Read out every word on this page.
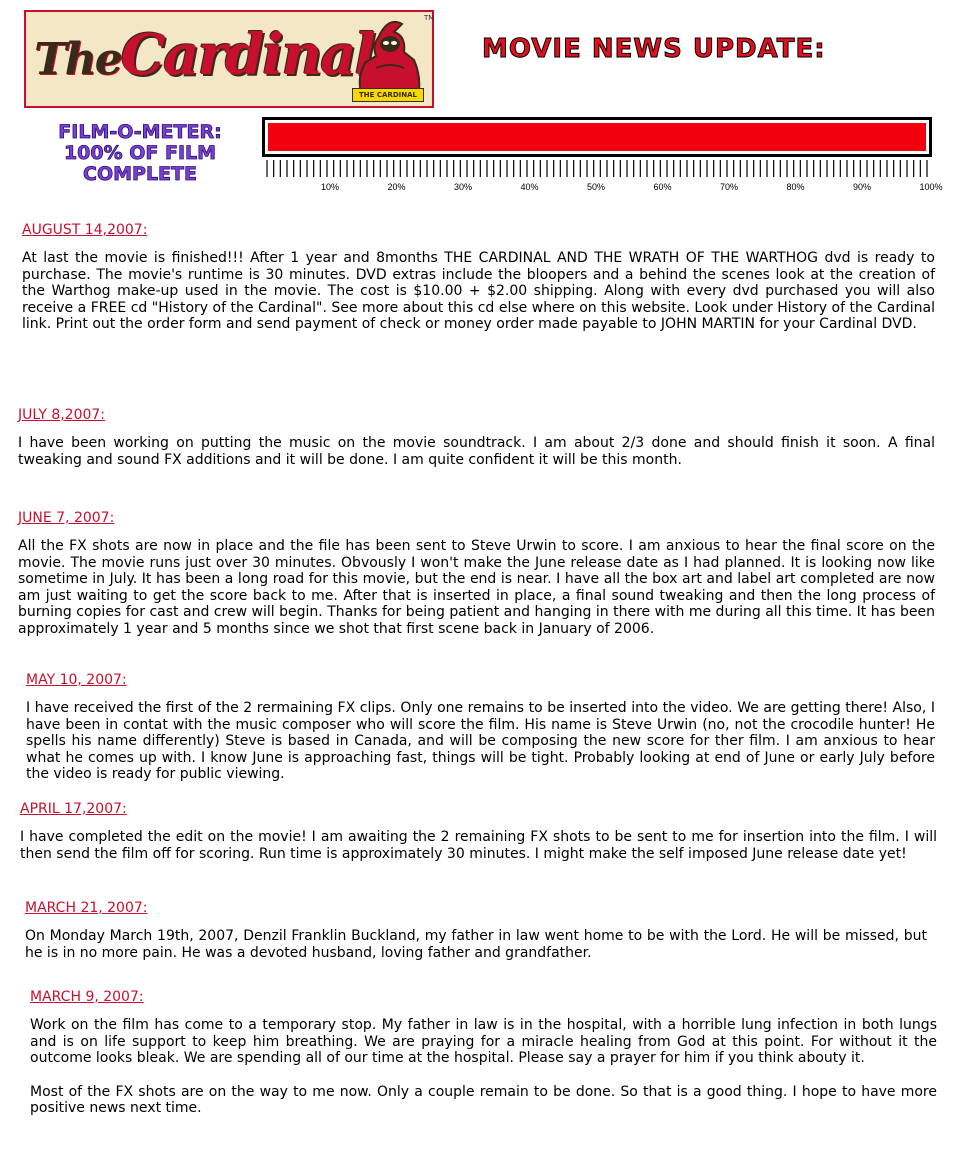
TheCardinal
THE CARDINAL
TM
MOVIE NEWS UPDATE:
FILM-O-METER:
100% OF FILM
COMPLETE
10%	20%	30%	40%	50%	60%	70%	80%	90%	100%
AUGUST 14,2007:
At last the movie is finished!!! After 1 year and 8months THE CARDINAL AND THE WRATH OF THE WARTHOG dvd is ready to purchase. The movie's runtime is 30 minutes. DVD extras include the bloopers and a behind the scenes look at the creation of the Warthog make-up used in the movie. The cost is $10.00 + $2.00 shipping. Along with every dvd purchased you will also receive a FREE cd "History of the Cardinal". See more about this cd else where on this website. Look under History of the Cardinal link. Print out the order form and send payment of check or money order made payable to JOHN MARTIN for your Cardinal DVD.
JULY 8,2007:
I have been working on putting the music on the movie soundtrack. I am about 2/3 done and should finish it soon. A final tweaking and sound FX additions and it will be done. I am quite confident it will be this month.
JUNE 7, 2007:
All the FX shots are now in place and the file has been sent to Steve Urwin to score. I am anxious to hear the final score on the movie. The movie runs just over 30 minutes. Obvously I won't make the June release date as I had planned. It is looking now like sometime in July. It has been a long road for this movie, but the end is near. I have all the box art and label art completed are now am just waiting to get the score back to me. After that is inserted in place, a final sound tweaking and then the long process of burning copies for cast and crew will begin. Thanks for being patient and hanging in there with me during all this time. It has been approximately 1 year and 5 months since we shot that first scene back in January of 2006.
MAY 10, 2007:
I have received the first of the 2 rermaining FX clips. Only one remains to be inserted into the video. We are getting there! Also, I have been in contat with the music composer who will score the film. His name is Steve Urwin (no, not the crocodile hunter! He spells his name differently) Steve is based in Canada, and will be composing the new score for ther film. I am anxious to hear what he comes up with. I know June is approaching fast, things will be tight. Probably looking at end of June or early July before the video is ready for public viewing.
APRIL 17,2007:
I have completed the edit on the movie! I am awaiting the 2 remaining FX shots to be sent to me for insertion into the film. I will then send the film off for scoring. Run time is approximately 30 minutes. I might make the self imposed June release date yet!
MARCH 21, 2007:
On Monday March 19th, 2007, Denzil Franklin Buckland, my father in law went home to be with the Lord. He will be missed, but he is in no more pain. He was a devoted husband, loving father and grandfather.
MARCH 9, 2007:
Work on the film has come to a temporary stop. My father in law is in the hospital, with a horrible lung infection in both lungs and is on life support to keep him breathing. We are praying for a miracle healing from God at this point. For without it the outcome looks bleak. We are spending all of our time at the hospital. Please say a prayer for him if you think abouty it.
Most of the FX shots are on the way to me now. Only a couple remain to be done. So that is a good thing. I hope to have more positive news next time.
